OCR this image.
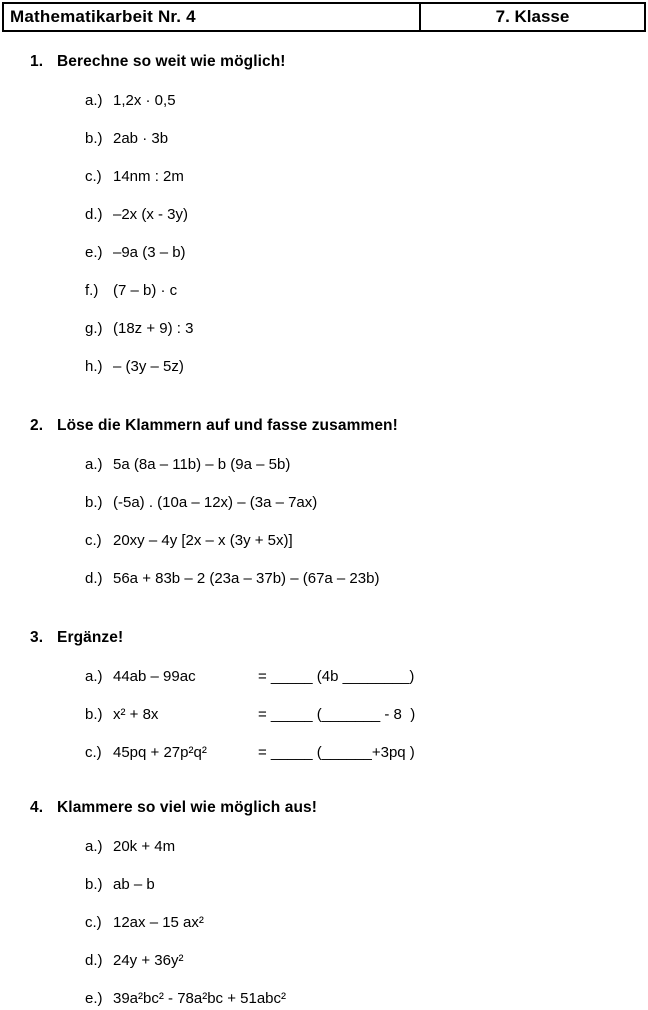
Mathematikarbeit Nr. 4	7. Klasse
1. Berechne so weit wie möglich!
a.) 1,2x · 0,5
b.) 2ab · 3b
c.) 14nm : 2m
d.) –2x (x - 3y)
e.) –9a (3 – b)
f.) (7 – b) · c
g.) (18z + 9) : 3
h.) – (3y – 5z)
2. Löse die Klammern auf und fasse zusammen!
a.) 5a (8a – 11b) – b (9a – 5b)
b.) (-5a) . (10a – 12x) – (3a – 7ax)
c.) 20xy – 4y [2x – x (3y + 5x)]
d.) 56a + 83b – 2 (23a – 37b) – (67a – 23b)
3. Ergänze!
a.) 44ab – 99ac	= _____ (4b ________)
b.) x² + 8x	= _____ (_______ - 8  )
c.) 45pq + 27p²q²	= _____ (______+3pq )
4. Klammere so viel wie möglich aus!
a.) 20k + 4m
b.) ab – b
c.) 12ax – 15 ax²
d.) 24y + 36y²
e.) 39a²bc² - 78a²bc + 51abc²
